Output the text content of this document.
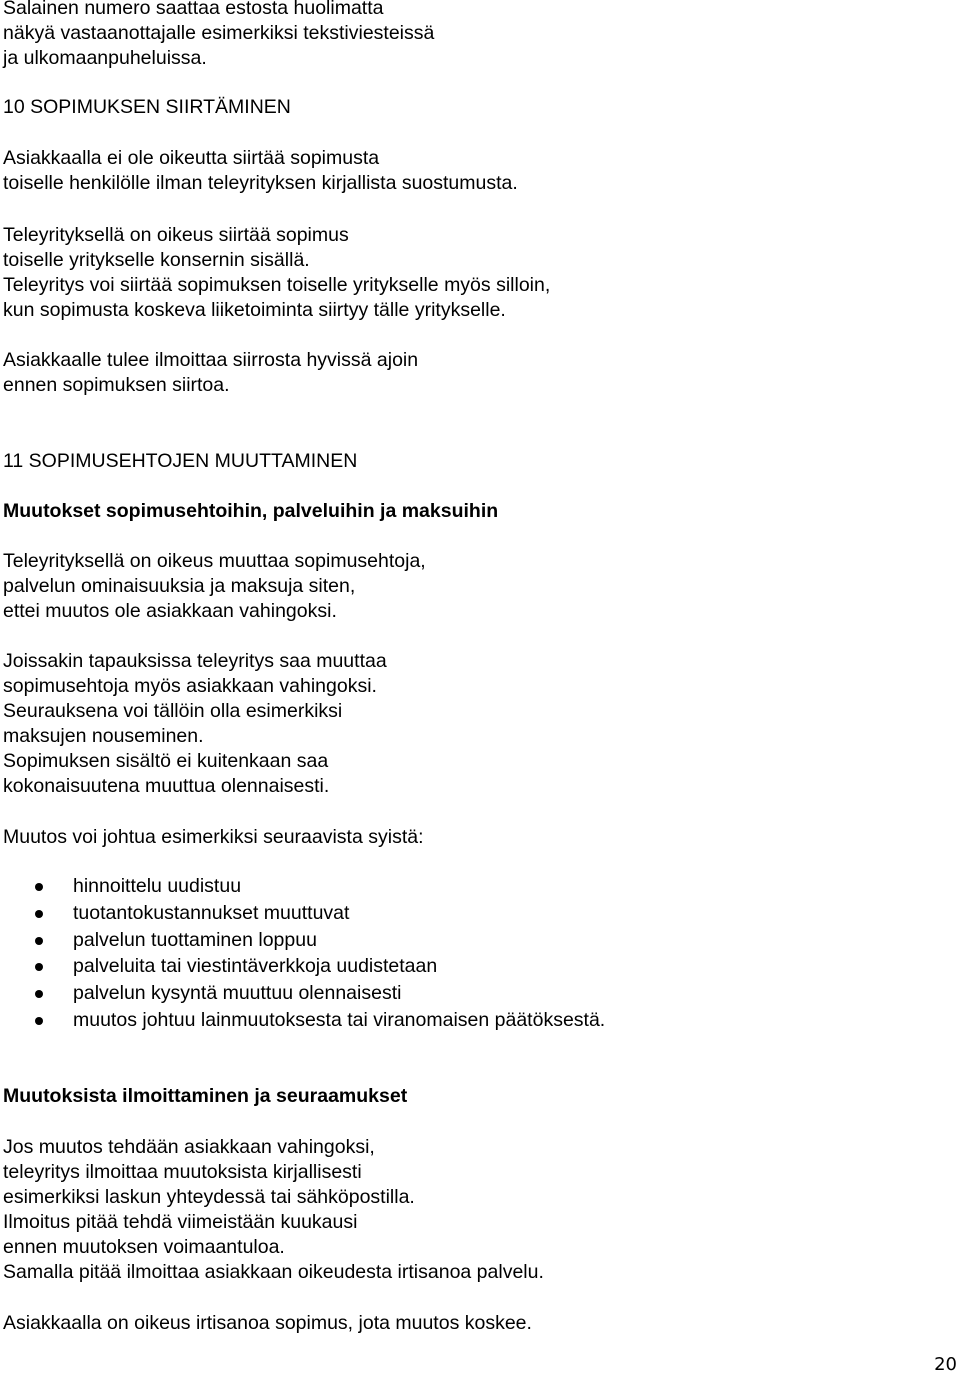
Salainen numero saattaa estosta huolimatta
näkyä vastaanottajalle esimerkiksi tekstiviesteissä
ja ulkomaanpuheluissa.
10 SOPIMUKSEN SIIRTÄMINEN
Asiakkaalla ei ole oikeutta siirtää sopimusta
toiselle henkilölle ilman teleyrityksen kirjallista suostumusta.
Teleyrityksellä on oikeus siirtää sopimus
toiselle yritykselle konsernin sisällä.
Teleyritys voi siirtää sopimuksen toiselle yritykselle myös silloin,
kun sopimusta koskeva liiketoiminta siirtyy tälle yritykselle.
Asiakkaalle tulee ilmoittaa siirrosta hyvissä ajoin
ennen sopimuksen siirtoa.
11 SOPIMUSEHTOJEN MUUTTAMINEN
Muutokset sopimusehtoihin, palveluihin ja maksuihin
Teleyrityksellä on oikeus muuttaa sopimusehtoja,
palvelun ominaisuuksia ja maksuja siten,
ettei muutos ole asiakkaan vahingoksi.
Joissakin tapauksissa teleyritys saa muuttaa
sopimusehtoja myös asiakkaan vahingoksi.
Seurauksena voi tällöin olla esimerkiksi
maksujen nouseminen.
Sopimuksen sisältö ei kuitenkaan saa
kokonaisuutena muuttua olennaisesti.
Muutos voi johtua esimerkiksi seuraavista syistä:
hinnoittelu uudistuu
tuotantokustannukset muuttuvat
palvelun tuottaminen loppuu
palveluita tai viestintäverkkoja uudistetaan
palvelun kysyntä muuttuu olennaisesti
muutos johtuu lainmuutoksesta tai viranomaisen päätöksestä.
Muutoksista ilmoittaminen ja seuraamukset
Jos muutos tehdään asiakkaan vahingoksi,
teleyritys ilmoittaa muutoksista kirjallisesti
esimerkiksi laskun yhteydessä tai sähköpostilla.
Ilmoitus pitää tehdä viimeistään kuukausi
ennen muutoksen voimaantuloa.
Samalla pitää ilmoittaa asiakkaan oikeudesta irtisanoa palvelu.
Asiakkaalla on oikeus irtisanoa sopimus, jota muutos koskee.
20
